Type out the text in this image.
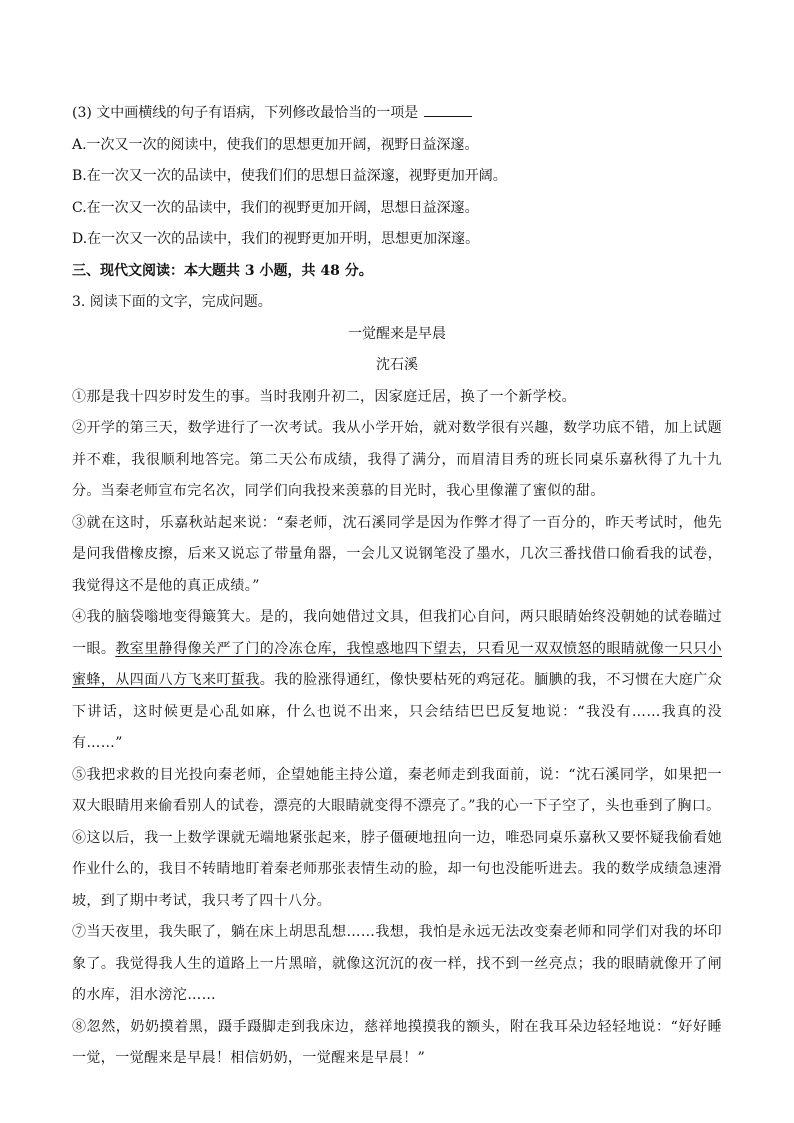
(3) 文中画横线的句子有语病，下列修改最恰当的一项是

A.一次又一次的阅读中，使我们的思想更加开阔，视野日益深邃。

B.在一次又一次的品读中，使我们们的思想日益深邃，视野更加开阔。

C.在一次又一次的品读中，我们的视野更加开阔，思想日益深邃。

D.在一次又一次的品读中，我们的视野更加开明，思想更加深邃。

三、现代文阅读：本大题共 3 小题，共 48 分。

3. 阅读下面的文字，完成问题。

一觉醒来是早晨

沈石溪

①那是我十四岁时发生的事。当时我刚升初二，因家庭迁居，换了一个新学校。

②开学的第三天，数学进行了一次考试。我从小学开始，就对数学很有兴趣，数学功底不错，加上试题并不难，我很顺利地答完。第二天公布成绩，我得了满分，而眉清目秀的班长同桌乐嘉秋得了九十九分。当秦老师宣布完名次，同学们向我投来羡慕的目光时，我心里像灌了蜜似的甜。

③就在这时，乐嘉秋站起来说：“秦老师，沈石溪同学是因为作弊才得了一百分的，昨天考试时，他先是问我借橡皮擦，后来又说忘了带量角器，一会儿又说钢笔没了墨水，几次三番找借口偷看我的试卷，我觉得这不是他的真正成绩。”

④我的脑袋嗡地变得簸箕大。是的，我向她借过文具，但我扪心自问，两只眼睛始终没朝她的试卷瞄过一眼。教室里静得像关严了门的冷冻仓库，我惶惑地四下望去，只看见一双双愤怒的眼睛就像一只只小蜜蜂，从四面八方飞来叮蜇我。我的脸涨得通红，像快要枯死的鸡冠花。腼腆的我，不习惯在大庭广众下讲话，这时候更是心乱如麻，什么也说不出来，只会结结巴巴反复地说：“我没有……我真的没有……”

⑤我把求救的目光投向秦老师，企望她能主持公道，秦老师走到我面前，说：“沈石溪同学，如果把一双大眼睛用来偷看别人的试卷，漂亮的大眼睛就变得不漂亮了。”我的心一下子空了，头也垂到了胸口。

⑥这以后，我一上数学课就无端地紧张起来，脖子僵硬地扭向一边，唯恐同桌乐嘉秋又要怀疑我偷看她作业什么的，我目不转睛地盯着秦老师那张表情生动的脸，却一句也没能听进去。我的数学成绩急速滑坡，到了期中考试，我只考了四十八分。

⑦当天夜里，我失眠了，躺在床上胡思乱想……我想，我怕是永远无法改变秦老师和同学们对我的坏印象了。我觉得我人生的道路上一片黑暗，就像这沉沉的夜一样，找不到一丝亮点；我的眼睛就像开了闸的水库，泪水滂沱……

⑧忽然，奶奶摸着黑，蹑手蹑脚走到我床边，慈祥地摸摸我的额头，附在我耳朵边轻轻地说：“好好睡一觉，一觉醒来是早晨！相信奶奶，一觉醒来是早晨！”
